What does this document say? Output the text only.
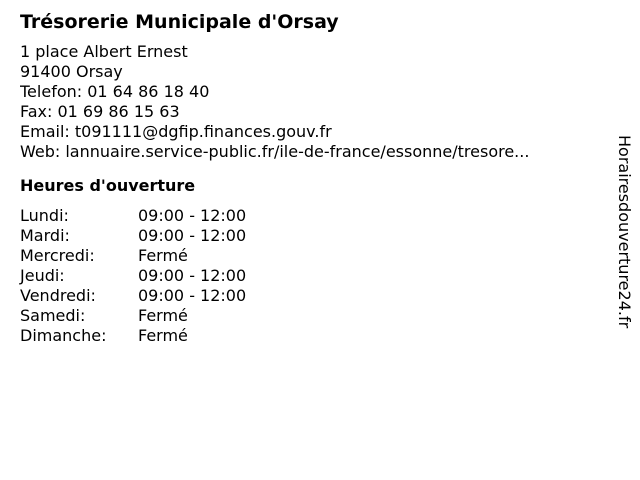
Trésorerie Municipale d'Orsay
1 place Albert Ernest
91400 Orsay
Telefon: 01 64 86 18 40
Fax: 01 69 86 15 63
Email: t091111@dgfip.finances.gouv.fr
Web: lannuaire.service-public.fr/ile-de-france/essonne/tresore...
Heures d'ouverture
Lundi:	09:00 - 12:00
Mardi:	09:00 - 12:00
Mercredi:	Fermé
Jeudi:	09:00 - 12:00
Vendredi:	09:00 - 12:00
Samedi:	Fermé
Dimanche:	Fermé
Horairesdouverture24.fr
